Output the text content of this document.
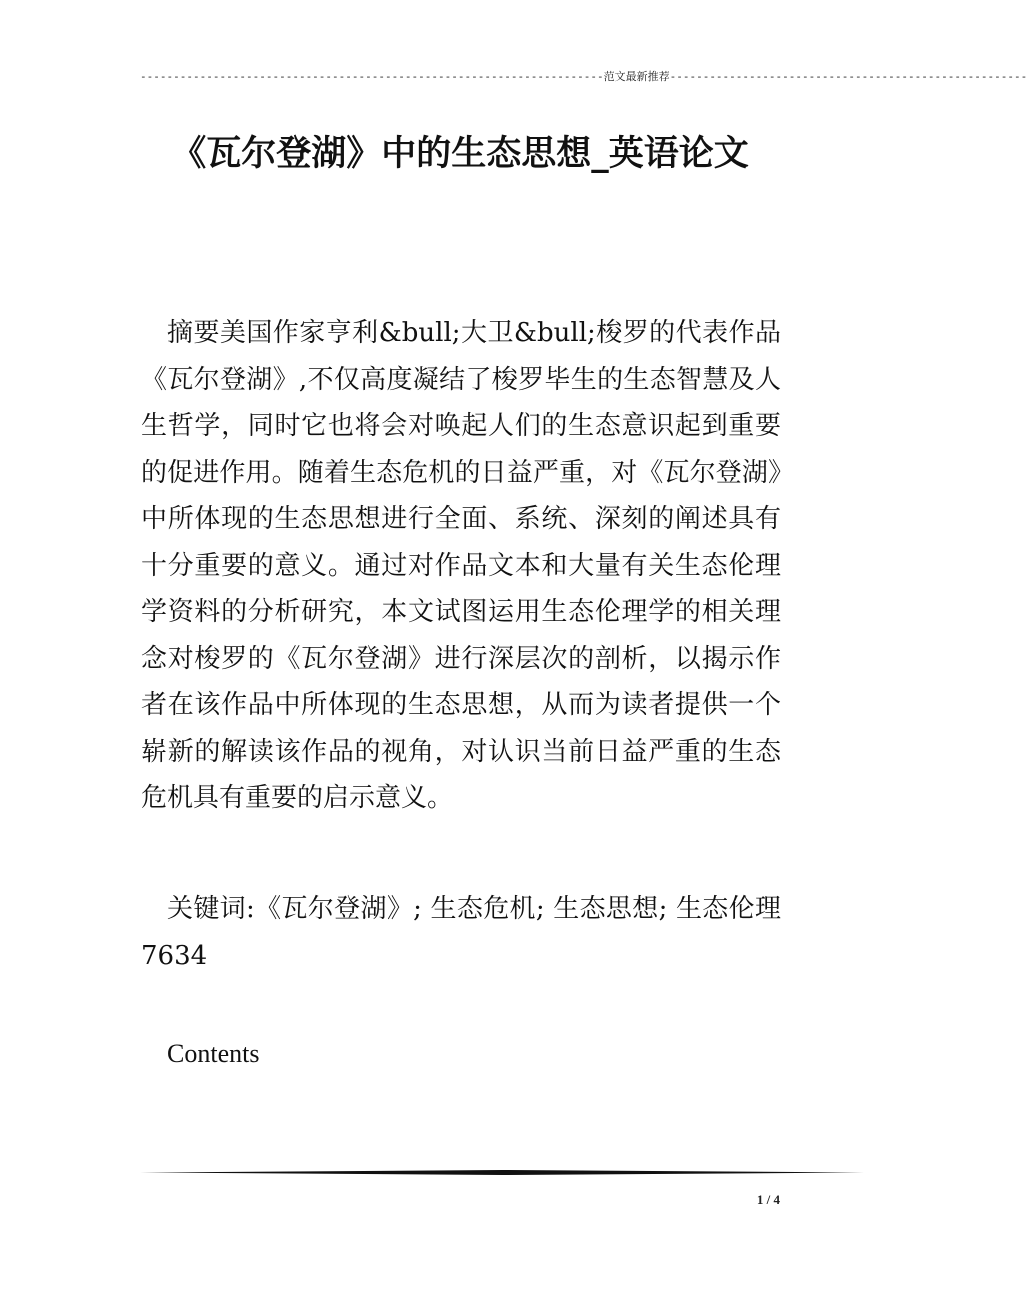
----------------------------------------------------------------------范文最新推荐------------------------------------------------------
《瓦尔登湖》中的生态思想_英语论文

摘要美国作家亨利&bull;大卫&bull;梭罗的代表作品《瓦尔登湖》,不仅高度凝结了梭罗毕生的生态智慧及人生哲学，同时它也将会对唤起人们的生态意识起到重要的促进作用。随着生态危机的日益严重，对《瓦尔登湖》中所体现的生态思想进行全面、系统、深刻的阐述具有十分重要的意义。通过对作品文本和大量有关生态伦理学资料的分析研究，本文试图运用生态伦理学的相关理念对梭罗的《瓦尔登湖》进行深层次的剖析，以揭示作者在该作品中所体现的生态思想，从而为读者提供一个崭新的解读该作品的视角，对认识当前日益严重的生态危机具有重要的启示意义。

关键词:《瓦尔登湖》; 生态危机; 生态思想; 生态伦理 7634

Contents

1 / 4
